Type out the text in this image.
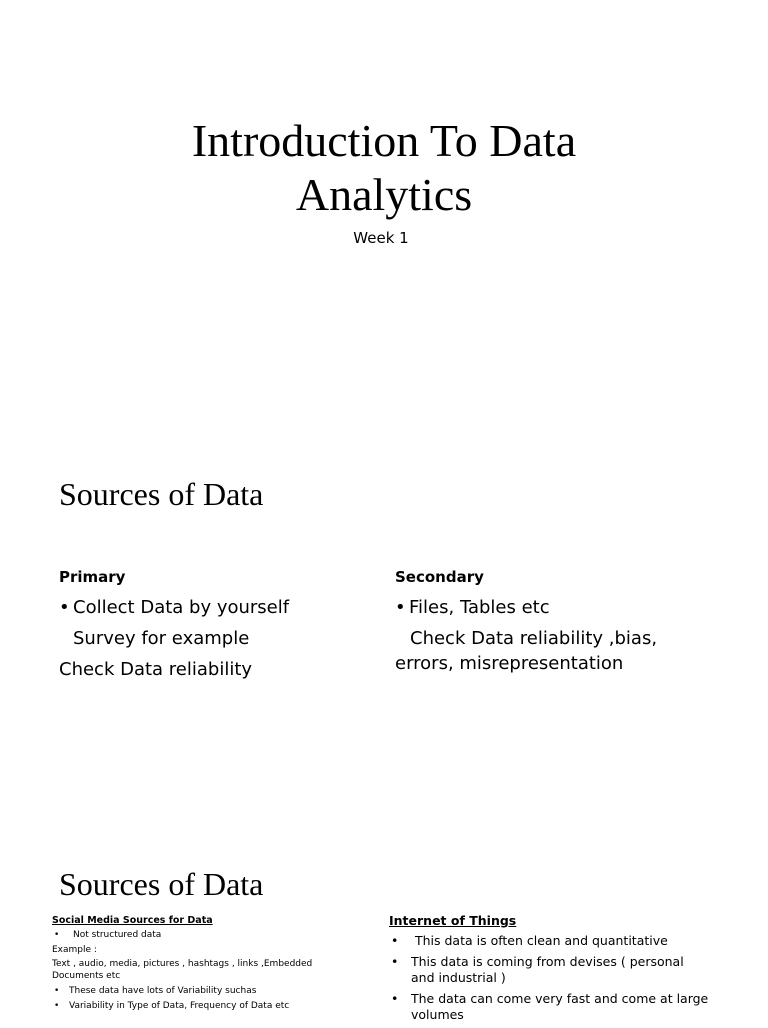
Introduction To Data
Analytics
Week 1
Sources of Data
Primary
• Collect Data by yourself
Survey for example
Check Data reliability
Secondary
• Files, Tables etc
Check Data reliability ,bias, errors, misrepresentation
Sources of Data
Social Media Sources for Data
•	Not structured data
Example :
Text , audio, media, pictures , hashtags , links ,Embedded Documents etc
•	These data have lots of Variability suchas
•	Variability in Type of Data, Frequency of Data etc
Internet of Things
•	This data is often clean and quantitative
•	This data is coming from devises ( personal and industrial )
•	The data can come very fast and come at large volumes
